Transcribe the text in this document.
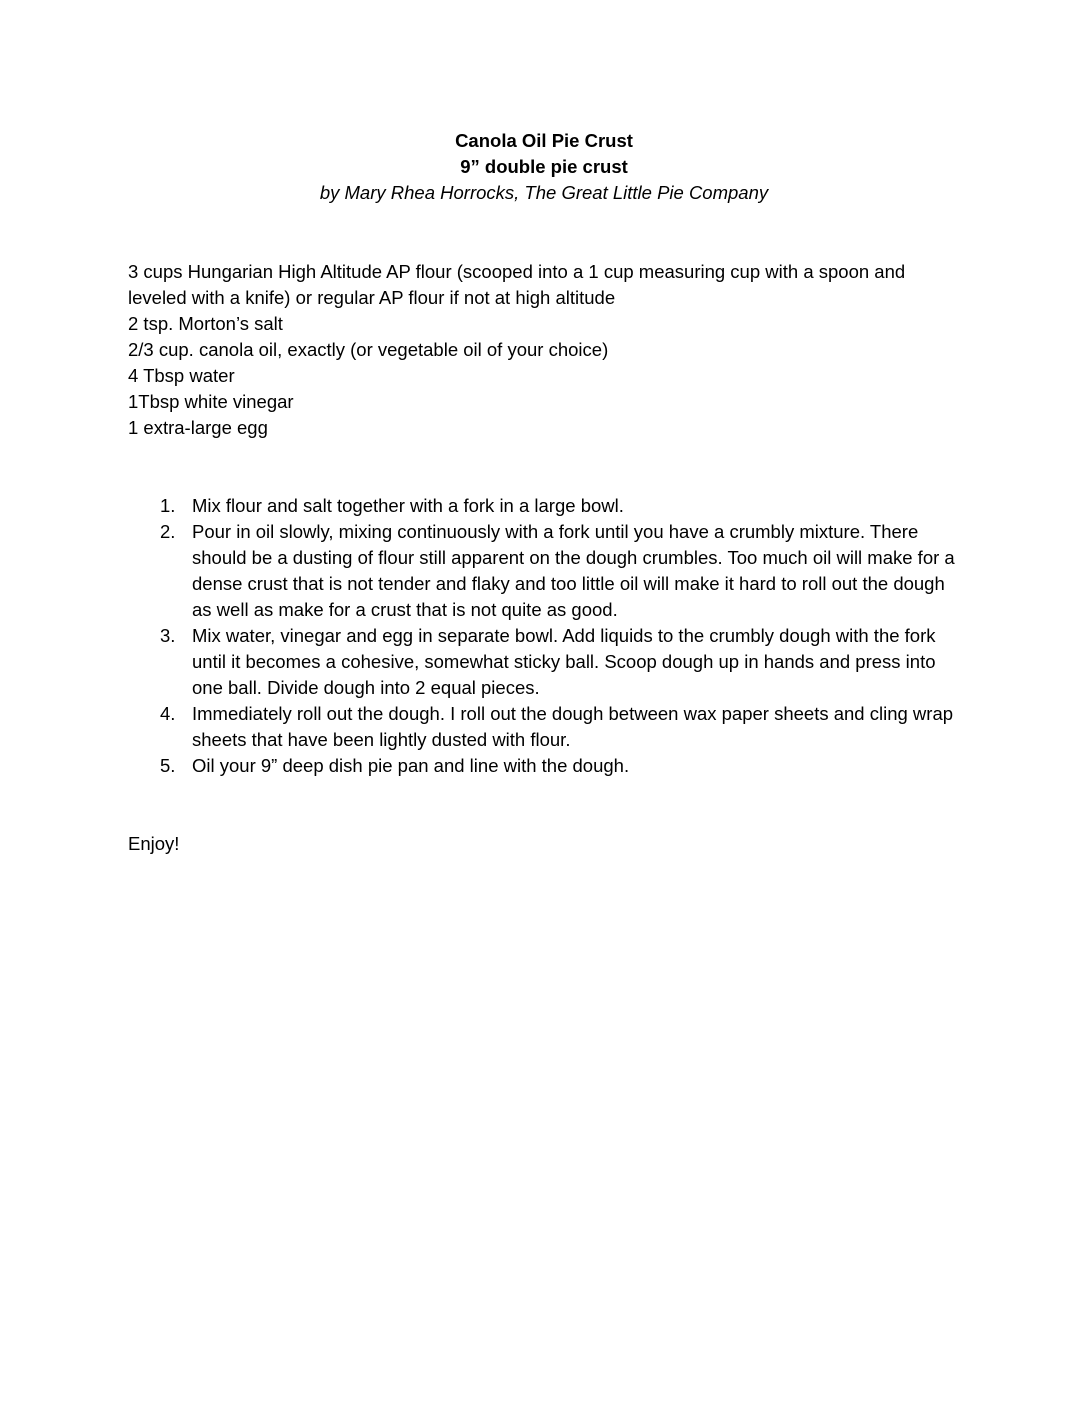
Canola Oil Pie Crust
9” double pie crust
by Mary Rhea Horrocks, The Great Little Pie Company
3 cups Hungarian High Altitude AP flour (scooped into a 1 cup measuring cup with a spoon and leveled with a knife) or regular AP flour if not at high altitude
2 tsp. Morton’s salt
2/3 cup. canola oil, exactly (or vegetable oil of your choice)
4 Tbsp water
1Tbsp white vinegar
1 extra-large egg
1. Mix flour and salt together with a fork in a large bowl.
2. Pour in oil slowly, mixing continuously with a fork until you have a crumbly mixture. There should be a dusting of flour still apparent on the dough crumbles. Too much oil will make for a dense crust that is not tender and flaky and too little oil will make it hard to roll out the dough as well as make for a crust that is not quite as good.
3. Mix water, vinegar and egg in separate bowl. Add liquids to the crumbly dough with the fork until it becomes a cohesive, somewhat sticky ball. Scoop dough up in hands and press into one ball. Divide dough into 2 equal pieces.
4. Immediately roll out the dough. I roll out the dough between wax paper sheets and cling wrap sheets that have been lightly dusted with flour.
5. Oil your 9” deep dish pie pan and line with the dough.
Enjoy!
